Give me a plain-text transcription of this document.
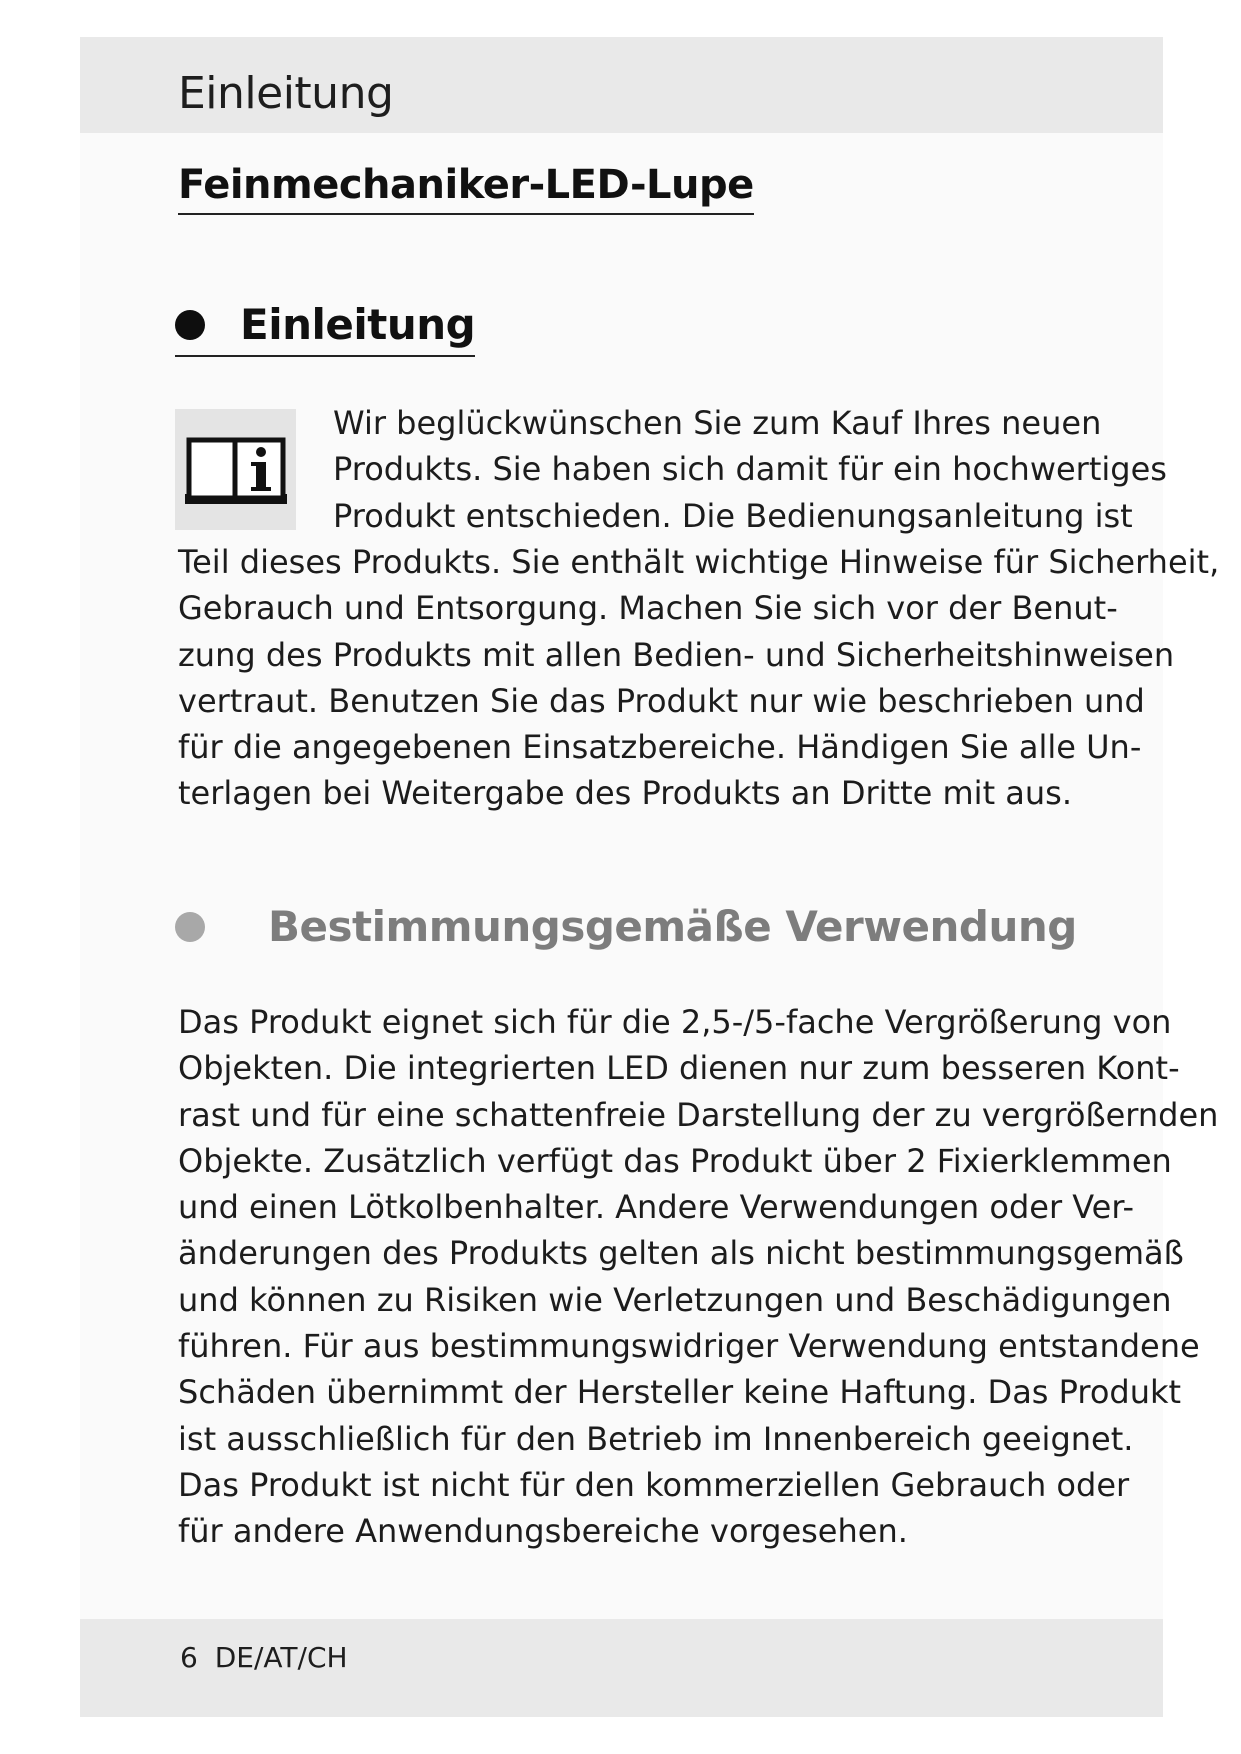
Einleitung
Feinmechaniker-LED-Lupe
Einleitung

Wir beglückwünschen Sie zum Kauf Ihres neuen
Produkts. Sie haben sich damit für ein hochwertiges
Produkt entschieden. Die Bedienungsanleitung ist

Teil dieses Produkts. Sie enthält wichtige Hinweise für Sicherheit,
Gebrauch und Entsorgung. Machen Sie sich vor der Benut-
zung des Produkts mit allen Bedien- und Sicherheitshinweisen
vertraut. Benutzen Sie das Produkt nur wie beschrieben und
für die angegebenen Einsatzbereiche. Händigen Sie alle Un-
terlagen bei Weitergabe des Produkts an Dritte mit aus.

Bestimmungsgemäße Verwendung

Das Produkt eignet sich für die 2,5-/5-fache Vergrößerung von
Objekten. Die integrierten LED dienen nur zum besseren Kont-
rast und für eine schattenfreie Darstellung der zu vergrößernden
Objekte. Zusätzlich verfügt das Produkt über 2 Fixierklemmen
und einen Lötkolbenhalter. Andere Verwendungen oder Ver-
änderungen des Produkts gelten als nicht bestimmungsgemäß
und können zu Risiken wie Verletzungen und Beschädigungen
führen. Für aus bestimmungswidriger Verwendung entstandene
Schäden übernimmt der Hersteller keine Haftung. Das Produkt
ist ausschließlich für den Betrieb im Innenbereich geeignet.
Das Produkt ist nicht für den kommerziellen Gebrauch oder
für andere Anwendungsbereiche vorgesehen.

6 DE/AT/CH
